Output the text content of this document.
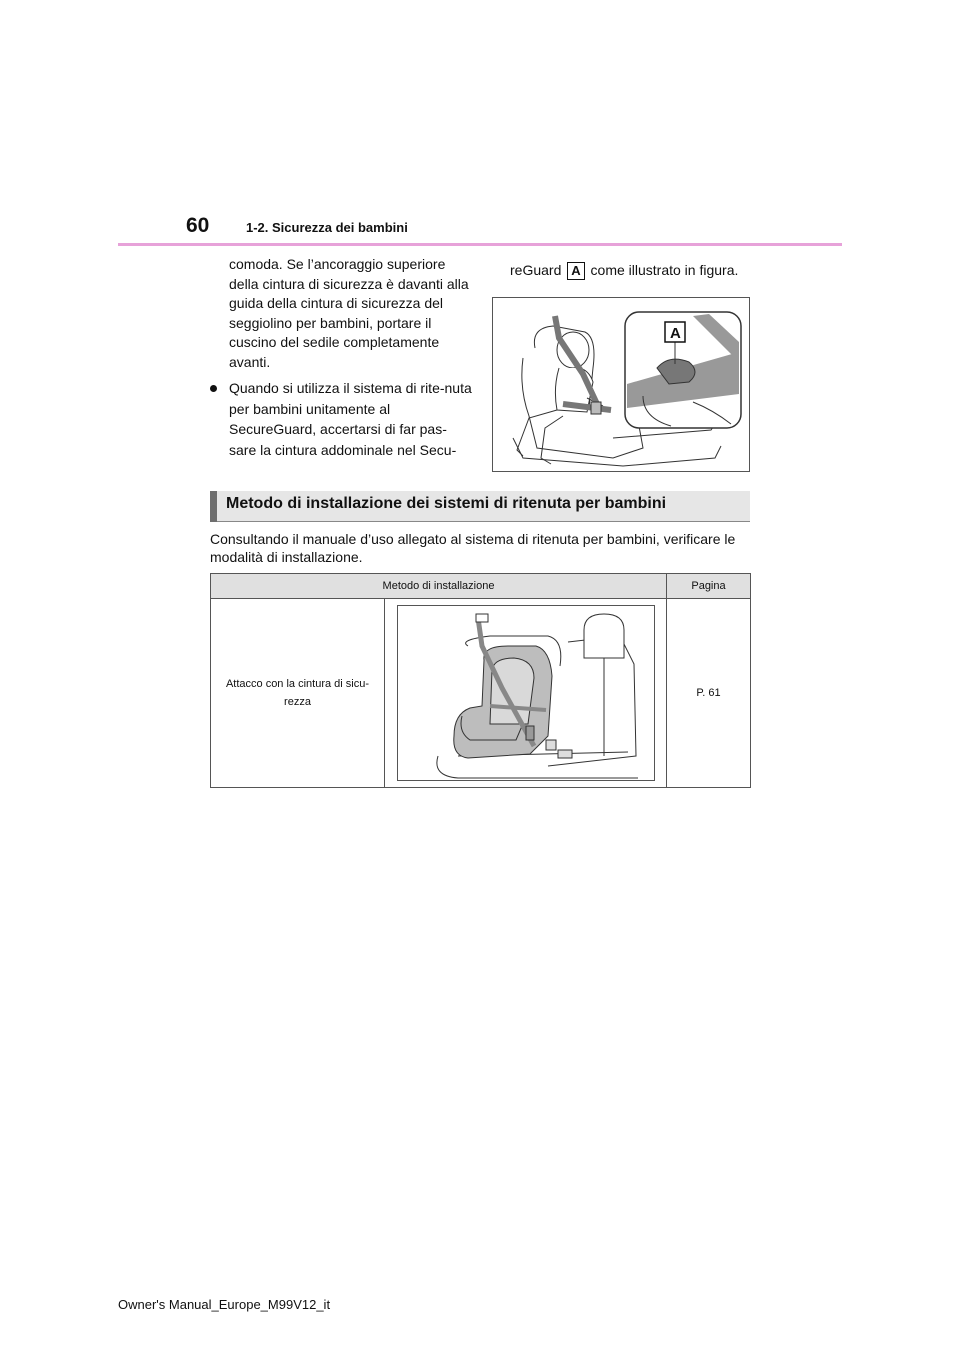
60	1-2. Sicurezza dei bambini
comoda. Se l’ancoraggio superiore della cintura di sicurezza è davanti alla guida della cintura di sicurezza del seggiolino per bambini, portare il cuscino del sedile completamente avanti.
Quando si utilizza il sistema di rite-nuta per bambini unitamente al SecureGuard, accertarsi di far pas-sare la cintura addominale nel Secu-
reGuard A come illustrato in figura.
A
Metodo di installazione dei sistemi di ritenuta per bambini
Consultando il manuale d’uso allegato al sistema di ritenuta per bambini, verificare le modalità di installazione.
Metodo di installazione		Pagina
Attacco con la cintura di sicu-rezza		P. 61
Owner's Manual_Europe_M99V12_it
